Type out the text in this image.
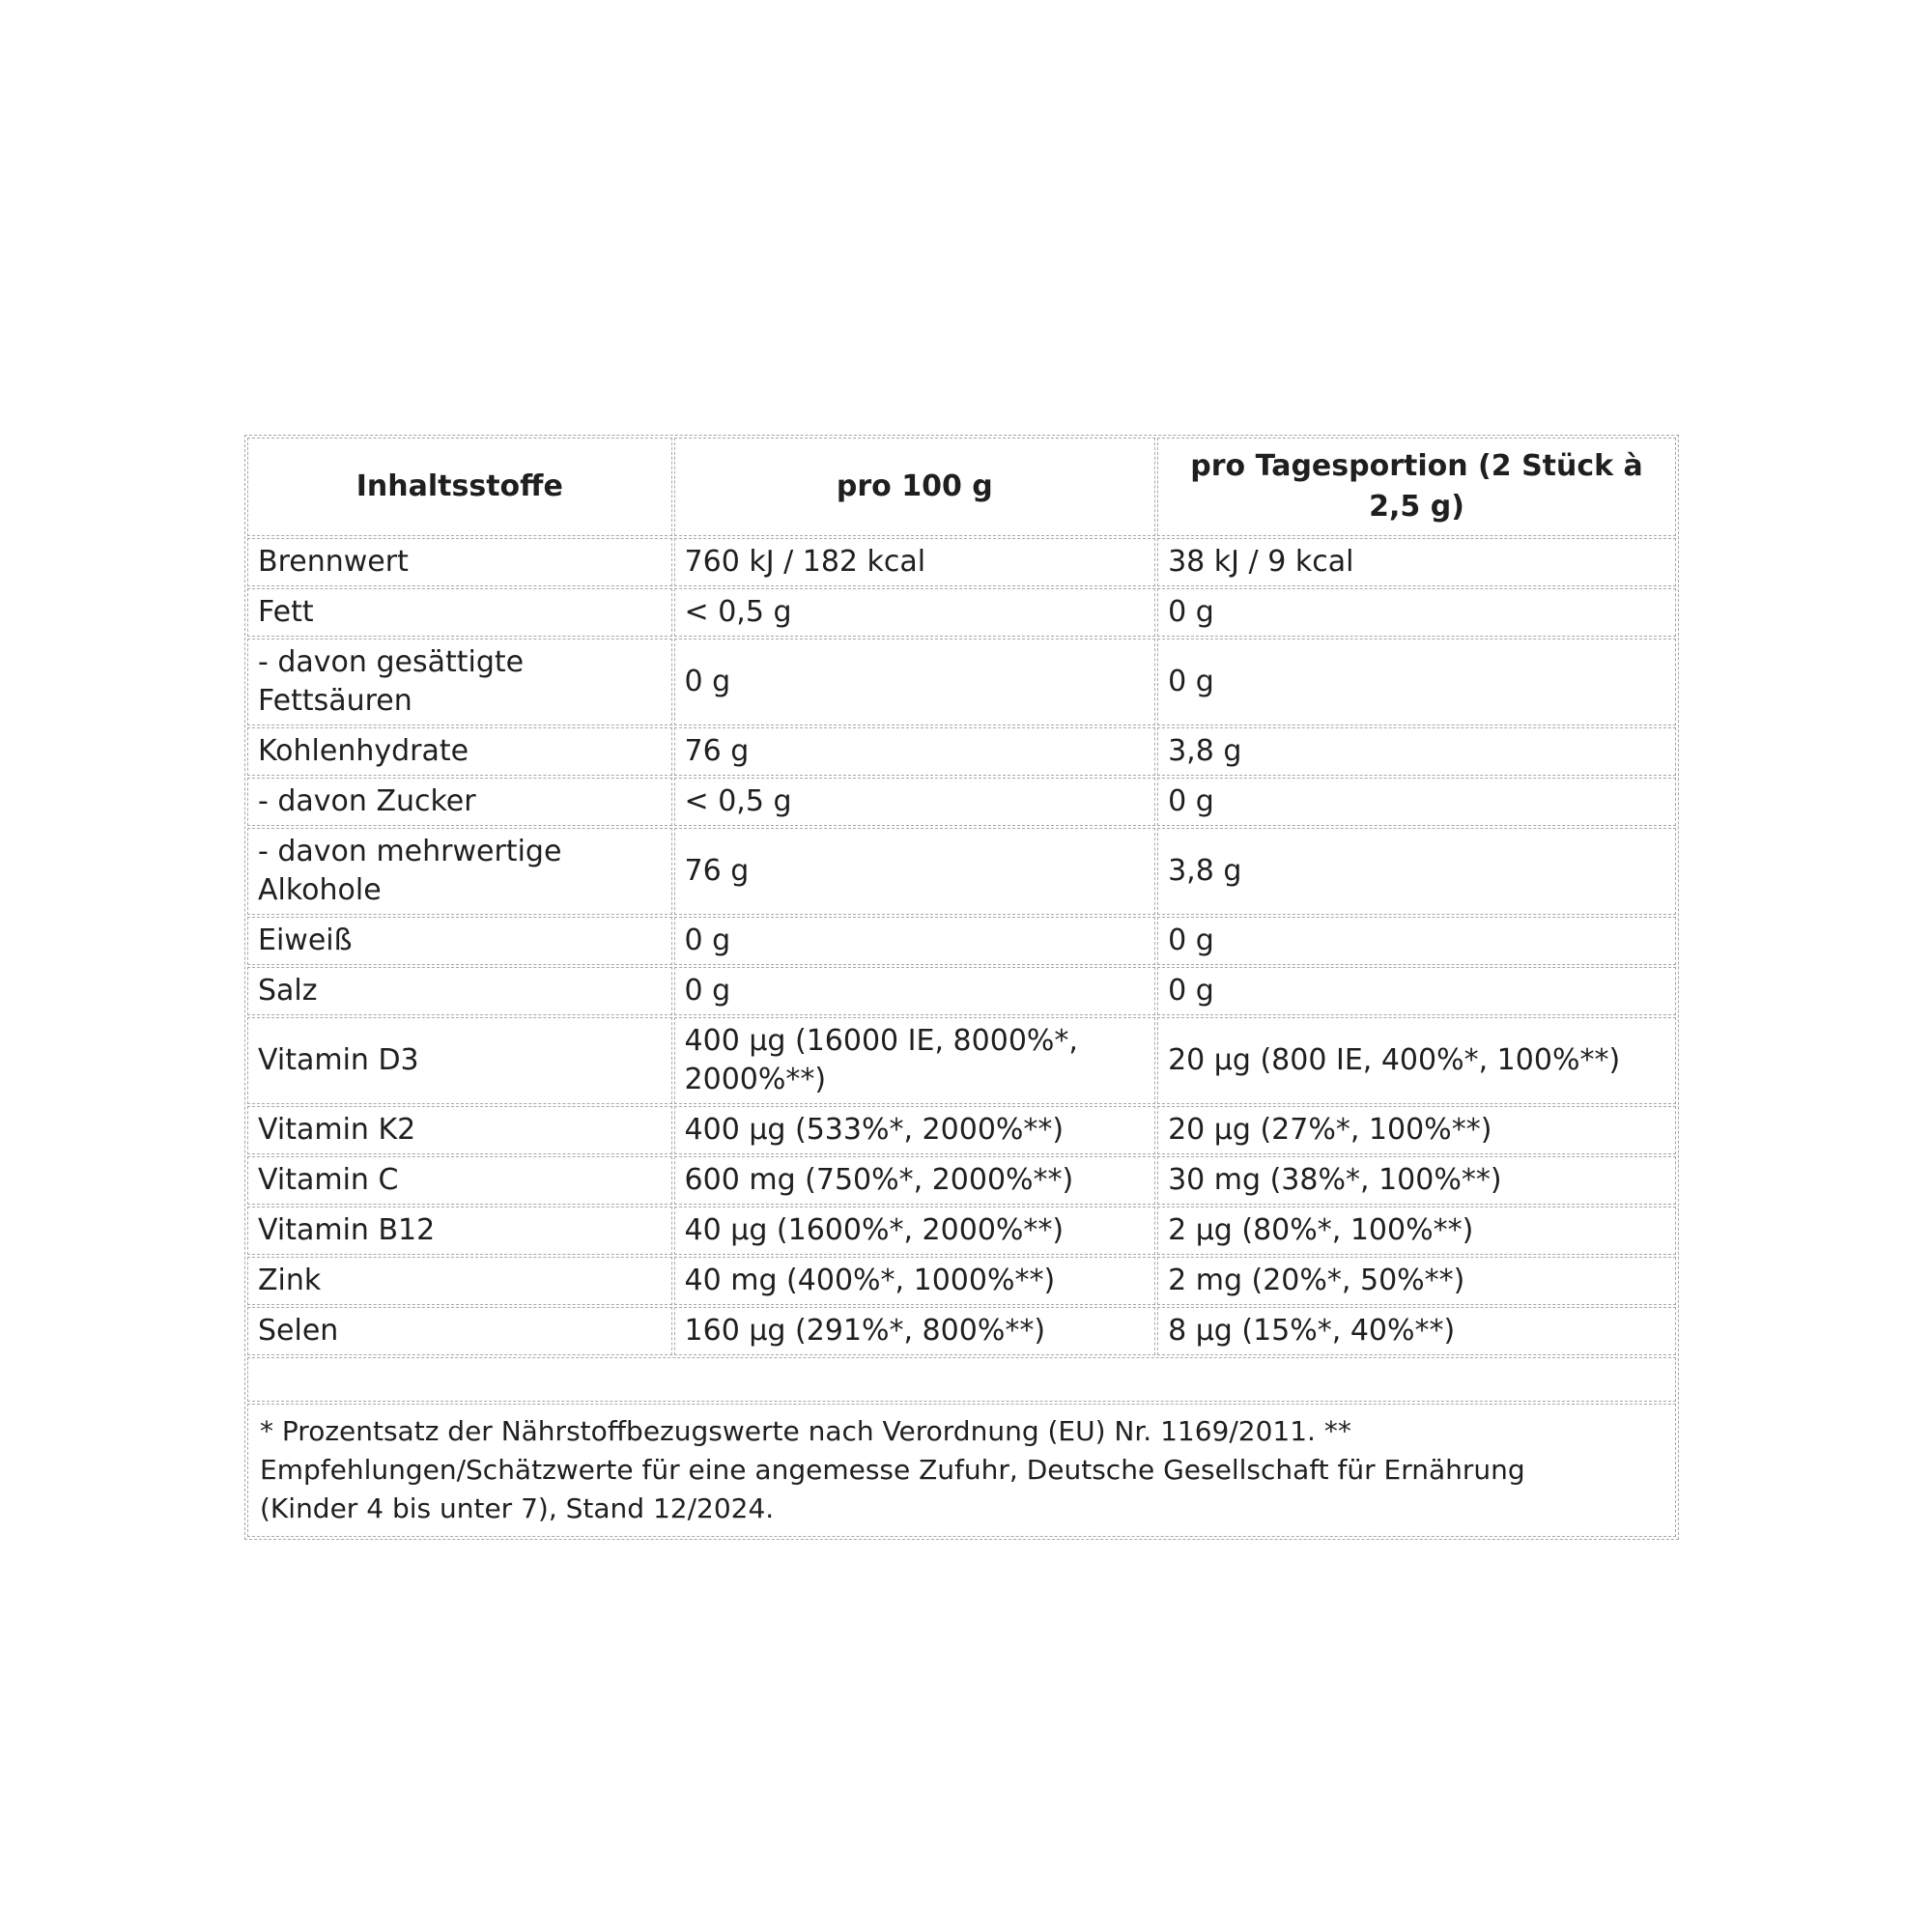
Inhaltsstoffe	pro 100 g	pro Tagesportion (2 Stück à 2,5 g)
Brennwert	760 kJ / 182 kcal	38 kJ / 9 kcal
Fett	< 0,5 g	0 g
- davon gesättigte Fettsäuren	0 g	0 g
Kohlenhydrate	76 g	3,8 g
- davon Zucker	< 0,5 g	0 g
- davon mehrwertige Alkohole	76 g	3,8 g
Eiweiß	0 g	0 g
Salz	0 g	0 g
Vitamin D3	400 µg (16000 IE, 8000%*, 2000%**)	20 µg (800 IE, 400%*, 100%**)
Vitamin K2	400 µg (533%*, 2000%**)	20 µg (27%*, 100%**)
Vitamin C	600 mg (750%*, 2000%**)	30 mg (38%*, 100%**)
Vitamin B12	40 µg (1600%*, 2000%**)	2 µg (80%*, 100%**)
Zink	40 mg (400%*, 1000%**)	2 mg (20%*, 50%**)
Selen	160 µg (291%*, 800%**)	8 µg (15%*, 40%**)

* Prozentsatz der Nährstoffbezugswerte nach Verordnung (EU) Nr. 1169/2011. **
Empfehlungen/Schätzwerte für eine angemesse Zufuhr, Deutsche Gesellschaft für Ernährung
(Kinder 4 bis unter 7), Stand 12/2024.		
